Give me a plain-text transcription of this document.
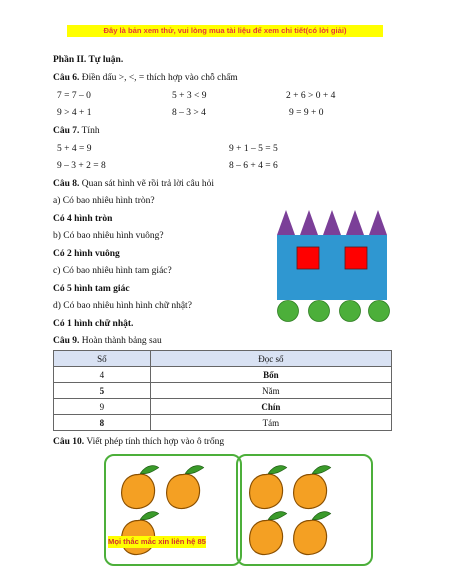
Đây là bản xem thử, vui lòng mua tài liệu để xem chi tiết(có lời giải)
Phần II. Tự luận.
Câu 6. Điền dấu >, <, = thích hợp vào chỗ chấm
7 = 7 – 0	5 + 3 < 9	2 + 6 > 0 + 4
9 > 4 + 1	8 – 3 > 4	9 = 9 + 0
Câu 7. Tính
5 + 4 = 9	9 + 1 – 5 = 5
9 – 3 + 2 = 8	8 – 6 + 4 = 6
Câu 8. Quan sát hình vẽ rồi trả lời câu hỏi
a) Có bao nhiêu hình tròn?
Có 4 hình tròn
b) Có bao nhiêu hình vuông?
Có 2 hình vuông
c) Có bao nhiêu hình tam giác?
Có 5 hình tam giác
d) Có bao nhiêu hình hình chữ nhật?
Có 1 hình chữ nhật.
Câu 9. Hoàn thành bảng sau
Số	Đọc số
4	Bốn
5	Năm
9	Chín
8	Tám
Câu 10. Viết phép tính thích hợp vào ô trống
Mọi thắc mắc xin liên hệ 85
